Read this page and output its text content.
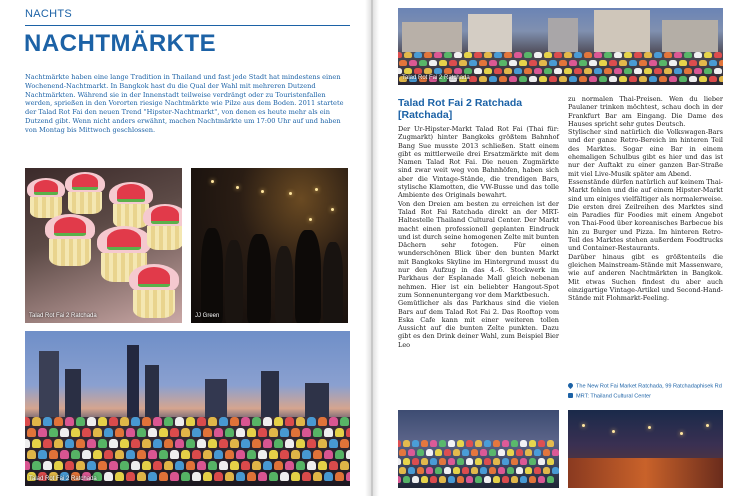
NACHTS
NACHTMÄRKTE
Nachtmärkte haben eine lange Tradition in Thailand und fast jede Stadt hat mindestens einen Wochenend-Nachtmarkt. In Bangkok hast du die Qual der Wahl mit mehreren Dutzend Nachtmärkten. Während sie in der Innenstadt teilweise verdrängt oder zu Touristenfallen werden, sprießen in den Vororten riesige Nachtmärkte wie Pilze aus dem Boden. 2011 startete der Talad Rot Fai den neuen Trend "Hipster-Nachtmarkt", von denen es heute mehr als ein Dutzend gibt. Wenn nicht anders erwähnt, machen Nachtmärkte um 17:00 Uhr auf und haben von Montag bis Mittwoch geschlossen.
Talad Rot Fai 2 Ratchada	JJ Green
Talad Rot Fai 2 Ratchada
Talad Rot Fai 2 Ratchada
Talad Rot Fai 2 Ratchada [Ratchada]

Der Ur-Hipster-Markt Talad Rot Fai (Thai für: Zugmarkt) hinter Bangkoks größtem Bahnhof Bang Sue musste 2013 schließen. Statt einem gibt es mittlerweile drei Ersatzmärkte mit dem Namen Talad Rot Fai. Die neuen Zugmärkte sind zwar weit weg von Bahnhöfen, haben sich aber die Vintage-Stände, die trendigen Bars, stylische Klamotten, die VW-Busse und das tolle Ambiente des Originals bewahrt.

Von den Dreien am besten zu erreichen ist der Talad Rot Fai Ratchada direkt an der MRT-Haltestelle Thailand Cultural Center. Der Markt macht einen professionell geplanten Eindruck und ist durch seine homogenen Zelte mit bunten Dächern sehr fotogen. Für einen wunderschönen Blick über den bunten Markt mit Bangkoks Skyline im Hintergrund musst du nur den Aufzug in das 4.-6. Stockwerk im Parkhaus der Esplanade Mall gleich nebenan nehmen. Hier ist ein beliebter Hangout-Spot zum Sonnenuntergang vor dem Marktbesuch.

Gemütlicher als das Parkhaus sind die vielen Bars auf dem Talad Rot Fai 2. Das Rooftop vom Eska Cafe kann mit einer weiteren tollen Aussicht auf die bunten Zelte punkten. Dazu gibt es den Drink deiner Wahl, zum Beispiel Bier Leo

zu normalen Thai-Preisen. Wen du lieber Paulaner trinken möchtest, schau doch in der Frankfurt Bar am Eingang. Die Dame des Hauses spricht sehr gutes Deutsch.

Stylischer sind natürlich die Volkswagen-Bars und der ganze Retro-Bereich im hinteren Teil des Marktes. Sogar eine Bar in einem ehemaligen Schulbus gibt es hier und das ist nur der Auftakt zu einer ganzen Bar-Straße mit viel Live-Musik später am Abend.

Essenstände dürfen natürlich auf keinem Thai-Markt fehlen und die auf einem Hipster-Markt sind um einiges vielfältiger als normalerweise. Die ersten drei Zeilreihen des Marktes sind ein Paradies für Foodies mit einem Angebot von Thai-Food über koreanisches Barbecue bis hin zu Burger und Pizza. Im hinteren Retro-Teil des Marktes stehen außerdem Foodtrucks und Container-Restaurants.

Darüber hinaus gibt es größtenteils die gleichen Mainstream-Stände mit Massenware, wie auf anderen Nachtmärkten in Bangkok. Mit etwas Suchen findest du aber auch einzigartige Vintage-Artikel und Second-Hand-Stände mit Flohmarkt-Feeling.

The New Rot Fai Market Ratchada, 99 Ratchadaphisek Rd
MRT: Thailand Cultural Center
